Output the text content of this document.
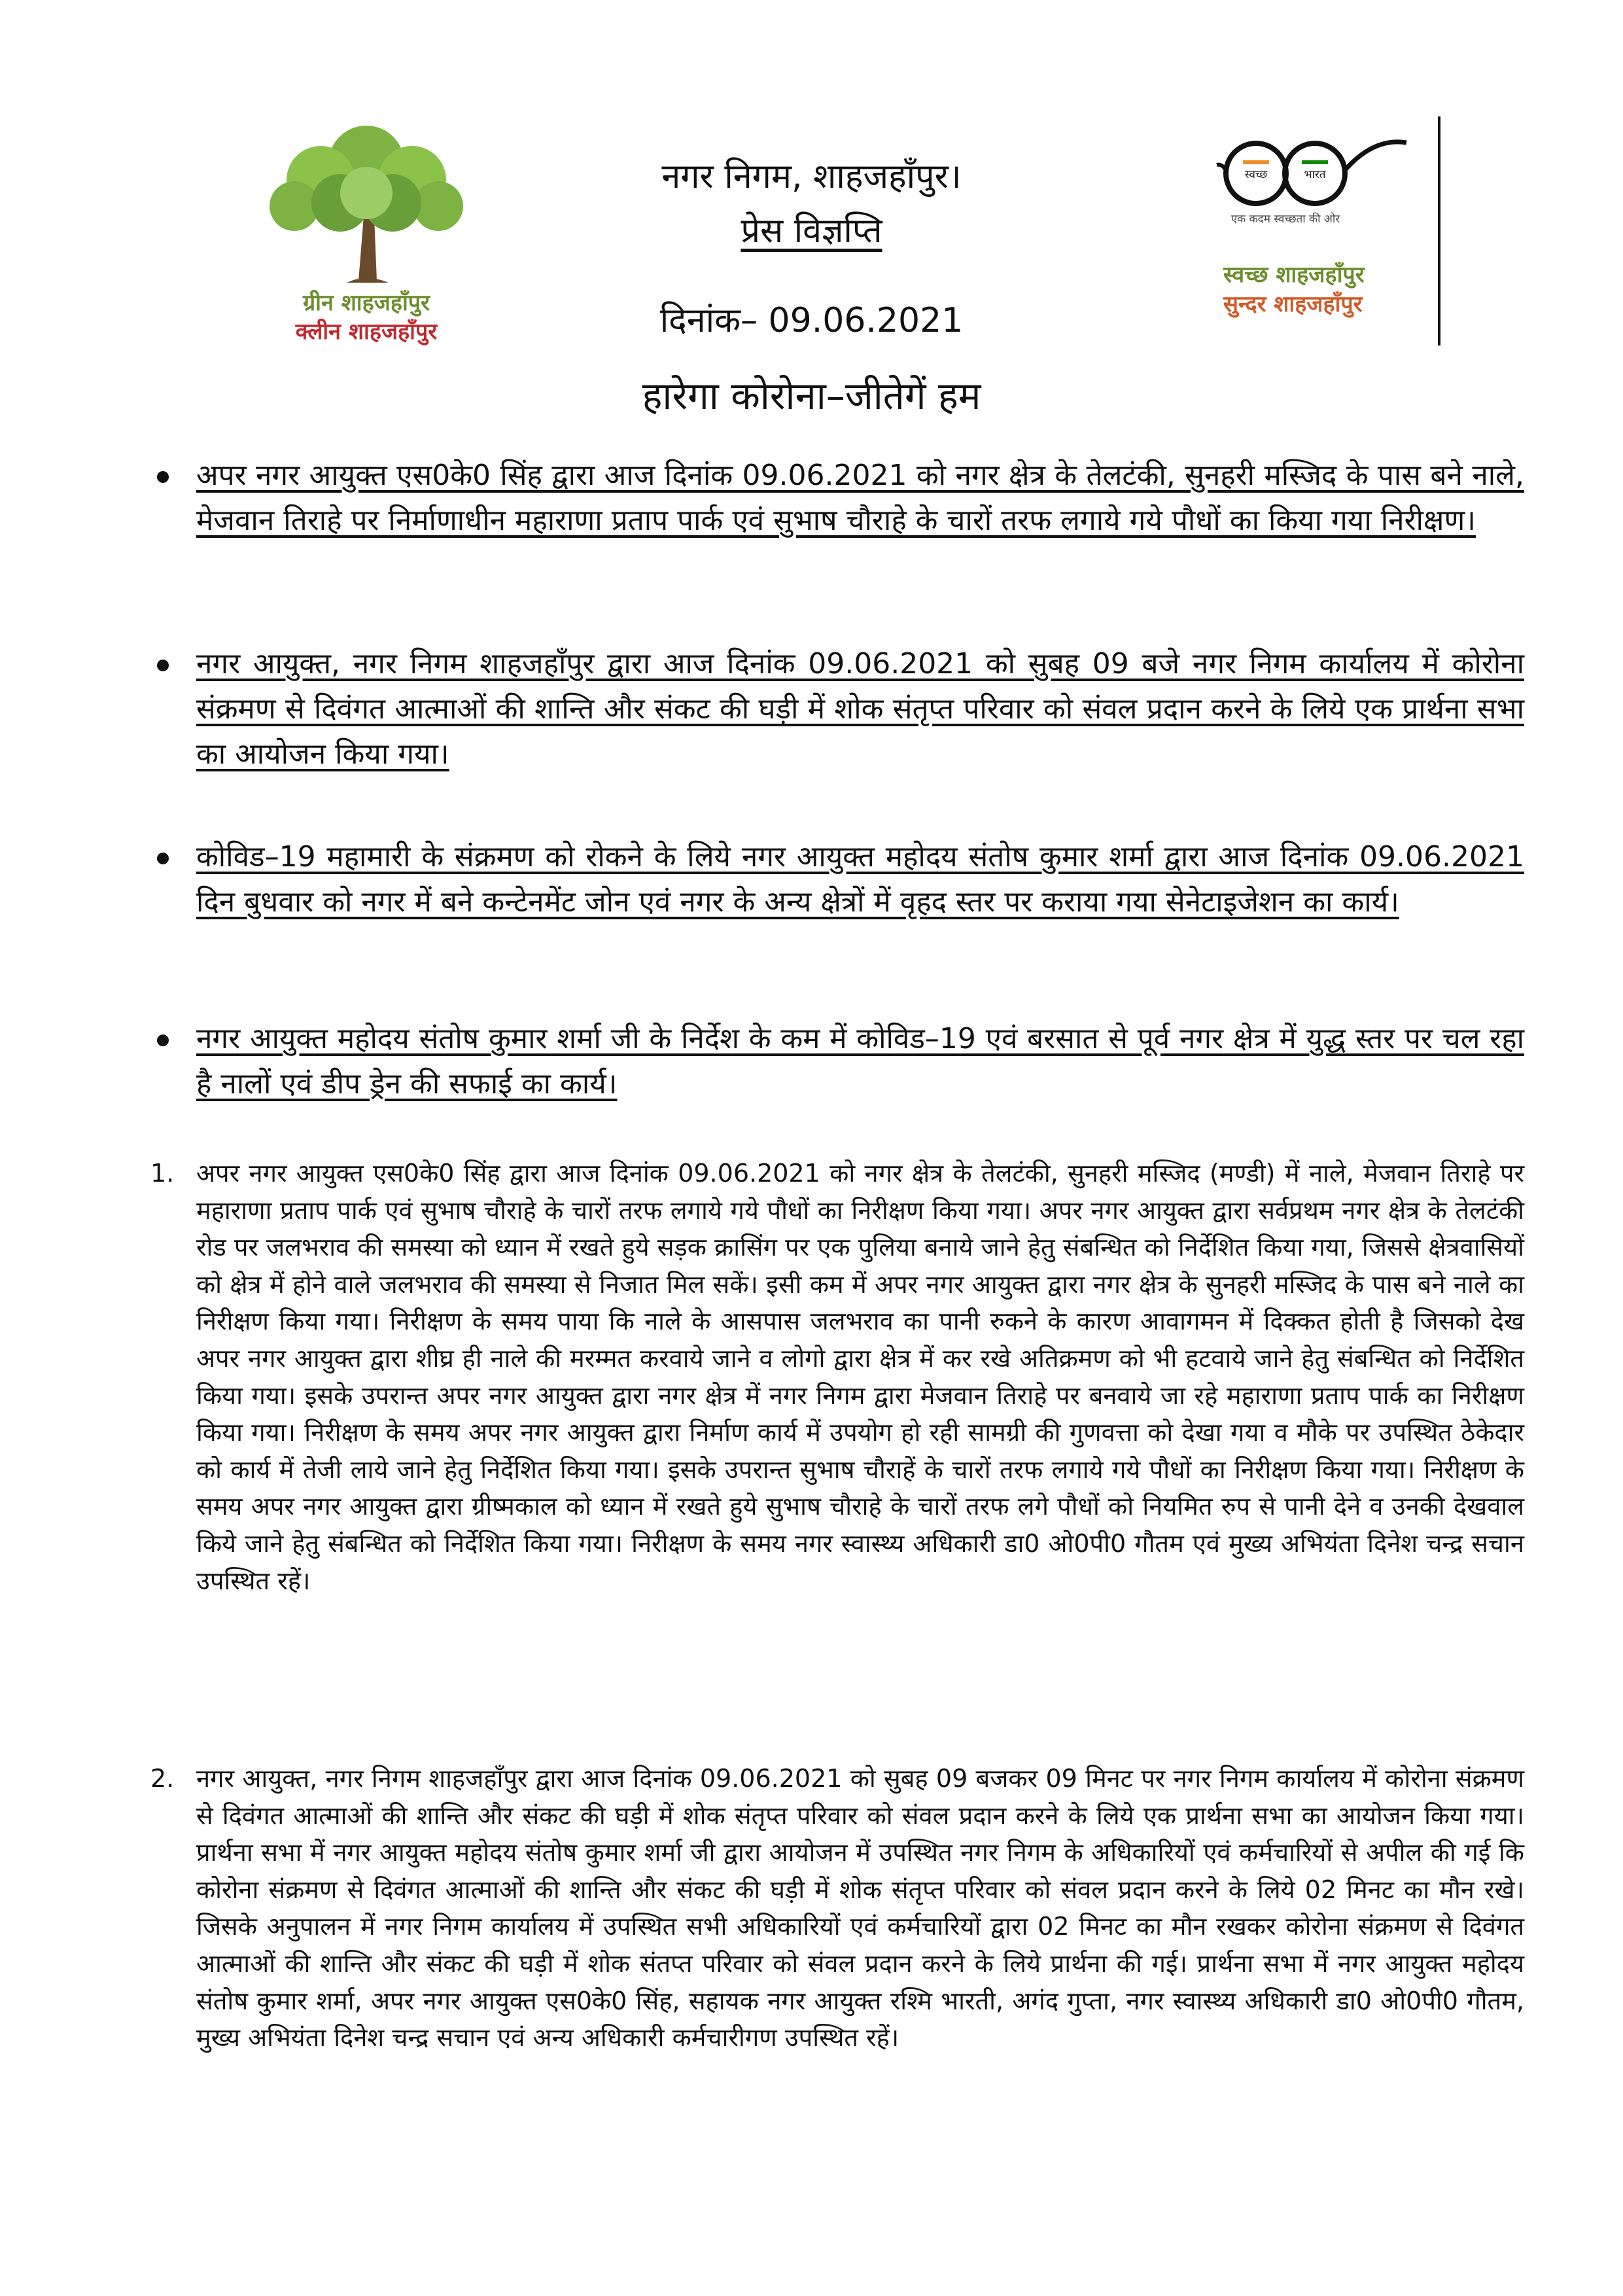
ग्रीन शाहजहाँपुर
क्लीन शाहजहाँपुर
स्वच्छ	भारत
एक कदम स्वच्छता की ओर
स्वच्छ शाहजहाँपुर
सुन्दर शाहजहाँपुर
नगर निगम, शाहजहाँपुर।
प्रेस विज्ञप्ति
दिनांक– 09.06.2021
हारेगा कोरोना–जीतेगें हम
अपर नगर आयुक्त एस0के0 सिंह द्वारा आज दिनांक 09.06.2021 को नगर क्षेत्र के तेलटंकी, सुनहरी मस्जिद के पास बने नाले, मेजवान तिराहे पर निर्माणाधीन महाराणा प्रताप पार्क एवं सुभाष चौराहे के चारों तरफ लगाये गये पौधों का किया गया निरीक्षण।
नगर आयुक्त, नगर निगम शाहजहाँपुर द्वारा आज दिनांक 09.06.2021 को सुबह 09 बजे नगर निगम कार्यालय में कोरोना संक्रमण से दिवंगत आत्माओं की शान्ति और संकट की घड़ी में शोक संतृप्त परिवार को संवल प्रदान करने के लिये एक प्रार्थना सभा का आयोजन किया गया।
कोविड–19 महामारी के संक्रमण को रोकने के लिये नगर आयुक्त महोदय संतोष कुमार शर्मा द्वारा आज दिनांक 09.06.2021 दिन बुधवार को नगर में बने कन्टेनमेंट जोन एवं नगर के अन्य क्षेत्रों में वृहद स्तर पर कराया गया सेनेटाइजेशन का कार्य।
नगर आयुक्त महोदय संतोष कुमार शर्मा जी के निर्देश के कम में कोविड–19 एवं बरसात से पूर्व नगर क्षेत्र में युद्ध स्तर पर चल रहा है नालों एवं डीप ड्रेन की सफाई का कार्य।
1. अपर नगर आयुक्त एस0के0 सिंह द्वारा आज दिनांक 09.06.2021 को नगर क्षेत्र के तेलटंकी, सुनहरी मस्जिद (मण्डी) में नाले, मेजवान तिराहे पर महाराणा प्रताप पार्क एवं सुभाष चौराहे के चारों तरफ लगाये गये पौधों का निरीक्षण किया गया। अपर नगर आयुक्त द्वारा सर्वप्रथम नगर क्षेत्र के तेलटंकी रोड पर जलभराव की समस्या को ध्यान में रखते हुये सड़क क्रासिंग पर एक पुलिया बनाये जाने हेतु संबन्धित को निर्देशित किया गया, जिससे क्षेत्रवासियों को क्षेत्र में होने वाले जलभराव की समस्या से निजात मिल सकें। इसी कम में अपर नगर आयुक्त द्वारा नगर क्षेत्र के सुनहरी मस्जिद के पास बने नाले का निरीक्षण किया गया। निरीक्षण के समय पाया कि नाले के आसपास जलभराव का पानी रुकने के कारण आवागमन में दिक्कत होती है जिसको देख अपर नगर आयुक्त द्वारा शीघ्र ही नाले की मरम्मत करवाये जाने व लोगो द्वारा क्षेत्र में कर रखे अतिक्रमण को भी हटवाये जाने हेतु संबन्धित को निर्देशित किया गया। इसके उपरान्त अपर नगर आयुक्त द्वारा नगर क्षेत्र में नगर निगम द्वारा मेजवान तिराहे पर बनवाये जा रहे महाराणा प्रताप पार्क का निरीक्षण किया गया। निरीक्षण के समय अपर नगर आयुक्त द्वारा निर्माण कार्य में उपयोग हो रही सामग्री की गुणवत्ता को देखा गया व मौके पर उपस्थित ठेकेदार को कार्य में तेजी लाये जाने हेतु निर्देशित किया गया। इसके उपरान्त सुभाष चौराहें के चारों तरफ लगाये गये पौधों का निरीक्षण किया गया। निरीक्षण के समय अपर नगर आयुक्त द्वारा ग्रीष्मकाल को ध्यान में रखते हुये सुभाष चौराहे के चारों तरफ लगे पौधों को नियमित रुप से पानी देने व उनकी देखवाल किये जाने हेतु संबन्धित को निर्देशित किया गया। निरीक्षण के समय नगर स्वास्थ्य अधिकारी डा0 ओ0पी0 गौतम एवं मुख्य अभियंता दिनेश चन्द्र सचान उपस्थित रहें।
2. नगर आयुक्त, नगर निगम शाहजहाँपुर द्वारा आज दिनांक 09.06.2021 को सुबह 09 बजकर 09 मिनट पर नगर निगम कार्यालय में कोरोना संक्रमण से दिवंगत आत्माओं की शान्ति और संकट की घड़ी में शोक संतृप्त परिवार को संवल प्रदान करने के लिये एक प्रार्थना सभा का आयोजन किया गया। प्रार्थना सभा में नगर आयुक्त महोदय संतोष कुमार शर्मा जी द्वारा आयोजन में उपस्थित नगर निगम के अधिकारियों एवं कर्मचारियों से अपील की गई कि कोरोना संक्रमण से दिवंगत आत्माओं की शान्ति और संकट की घड़ी में शोक संतृप्त परिवार को संवल प्रदान करने के लिये 02 मिनट का मौन रखे। जिसके अनुपालन में नगर निगम कार्यालय में उपस्थित सभी अधिकारियों एवं कर्मचारियों द्वारा 02 मिनट का मौन रखकर कोरोना संक्रमण से दिवंगत आत्माओं की शान्ति और संकट की घड़ी में शोक संतप्त परिवार को संवल प्रदान करने के लिये प्रार्थना की गई। प्रार्थना सभा में नगर आयुक्त महोदय संतोष कुमार शर्मा, अपर नगर आयुक्त एस0के0 सिंह, सहायक नगर आयुक्त रश्मि भारती, अगंद गुप्ता, नगर स्वास्थ्य अधिकारी डा0 ओ0पी0 गौतम, मुख्य अभियंता दिनेश चन्द्र सचान एवं अन्य अधिकारी कर्मचारीगण उपस्थित रहें।
